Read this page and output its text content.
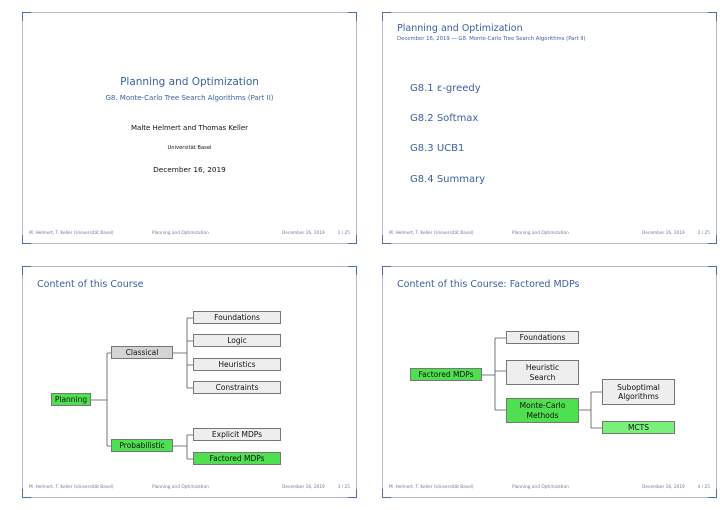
Planning and Optimization
G8. Monte-Carlo Tree Search Algorithms (Part II)
Malte Helmert and Thomas Keller
Universität Basel
December 16, 2019
M. Helmert, T. Keller (Universität Basel)	Planning and Optimization	December 16, 2019	1 / 25
Planning and Optimization
December 16, 2019 — G8. Monte-Carlo Tree Search Algorithms (Part II)
G8.1 ε-greedy
G8.2 Softmax
G8.3 UCB1
G8.4 Summary
M. Helmert, T. Keller (Universität Basel)	Planning and Optimization	December 16, 2019	2 / 25
Content of this Course
Planning
Classical
Probabilistic
Foundations
Logic
Heuristics
Constraints
Explicit MDPs
Factored MDPs
M. Helmert, T. Keller (Universität Basel)	Planning and Optimization	December 16, 2019	3 / 25
Content of this Course: Factored MDPs
Factored MDPs
Foundations
Heuristic
Search
Monte-Carlo
Methods
Suboptimal
Algorithms
MCTS
M. Helmert, T. Keller (Universität Basel)	Planning and Optimization	December 16, 2019	4 / 25
